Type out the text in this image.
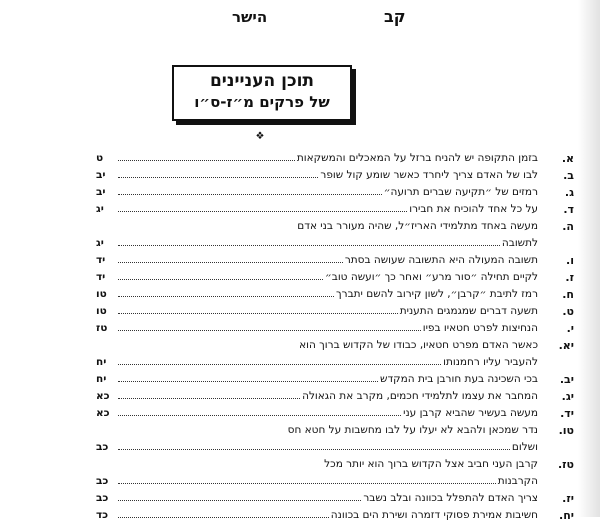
הישר	קב
תוכן העניינים
של פרקים מ״ז-ס״ו
❖
א.
בזמן התקופה יש להניח ברזל על המאכלים והמשקאות
ט
ב.
לבו של האדם צריך ליחרד כאשר שומע קול שופר
יב
ג.
רמזים של ״תקיעה שברים תרועה״
יב
ד.
על כל אחד להוכיח את חבירו
יג
ה.
מעשה באחד מתלמידי האריז״ל, שהיה מעורר בני אדם
לתשובה
יג
ו.
תשובה המעולה היא התשובה שעושה בסתר
יד
ז.
לקיים תחילה ״סור מרע״ ואחר כך ״ועשה טוב״
יד
ח.
רמז לתיבת ״קרבן״, לשון קירוב להשם יתברך
טו
ט.
תשעה דברים שמגמגים התענית
טו
י.
הנחיצות לפרט חטאיו בפיו
טז
יא.
כאשר האדם מפרט חטאיו, כבודו של הקדוש ברוך הוא
להעביר עליו רחמנותו
יח
יב.
בכי השכינה בעת חורבן בית המקדש
יח
יג.
המחבר את עצמו לתלמידי חכמים, מקרב את הגאולה
כא
יד.
מעשה בעשיר שהביא קרבן עני
כא
טו.
נדר שמכאן ולהבא לא יעלו על לבו מחשבות על חטא חס
ושלום
כב
טז.
קרבן העני חביב אצל הקדוש ברוך הוא יותר מכל
הקרבנות
כב
יז.
צריך האדם להתפלל בכוונה ובלב נשבר
כב
יח.
חשיבות אמירת פסוקי דזמרה ושירת הים בכוונה
כד
